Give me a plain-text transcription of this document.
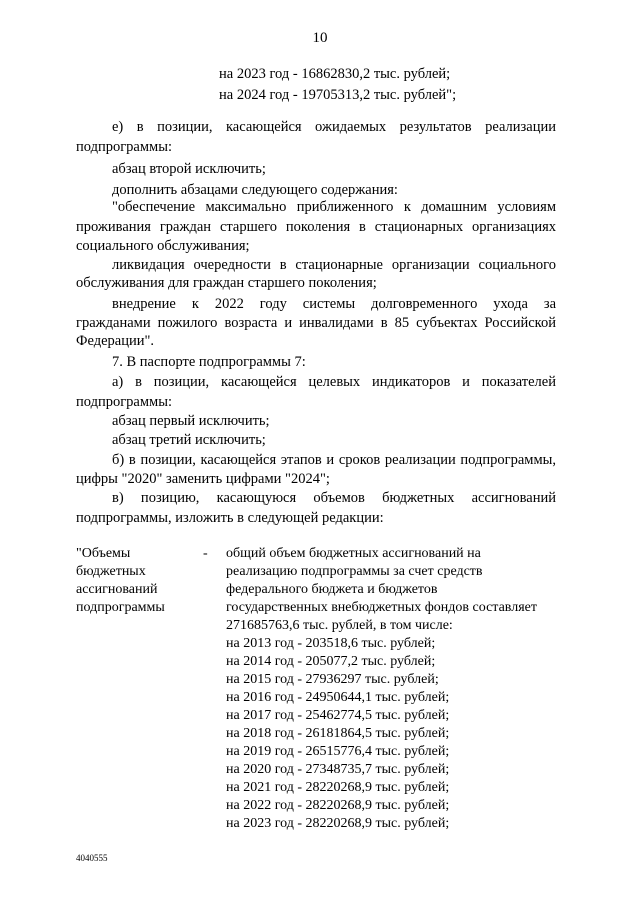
10
на 2023 год - 16862830,2 тыс. рублей;
на 2024 год - 19705313,2 тыс. рублей";
е) в позиции, касающейся ожидаемых результатов реализации
подпрограммы:
абзац второй исключить;
дополнить абзацами следующего содержания:
"обеспечение максимально приближенного к домашним условиям
проживания граждан старшего поколения в стационарных организациях
социального обслуживания;
ликвидация очередности в стационарные организации социального
обслуживания для граждан старшего поколения;
внедрение к 2022 году системы долговременного ухода за
гражданами пожилого возраста и инвалидами в 85 субъектах Российской
Федерации".
7. В паспорте подпрограммы 7:
а) в позиции, касающейся целевых индикаторов и показателей
подпрограммы:
абзац первый исключить;
абзац третий исключить;
б) в позиции, касающейся этапов и сроков реализации подпрограммы,
цифры "2020" заменить цифрами "2024";
в) позицию, касающуюся объемов бюджетных ассигнований
подпрограммы, изложить в следующей редакции:
"Объемы
бюджетных
ассигнований
подпрограммы
- общий объем бюджетных ассигнований на
реализацию подпрограммы за счет средств
федерального бюджета и бюджетов
государственных внебюджетных фондов составляет
271685763,6 тыс. рублей, в том числе:
на 2013 год - 203518,6 тыс. рублей;
на 2014 год - 205077,2 тыс. рублей;
на 2015 год - 27936297 тыс. рублей;
на 2016 год - 24950644,1 тыс. рублей;
на 2017 год - 25462774,5 тыс. рублей;
на 2018 год - 26181864,5 тыс. рублей;
на 2019 год - 26515776,4 тыс. рублей;
на 2020 год - 27348735,7 тыс. рублей;
на 2021 год - 28220268,9 тыс. рублей;
на 2022 год - 28220268,9 тыс. рублей;
на 2023 год - 28220268,9 тыс. рублей;
4040555
